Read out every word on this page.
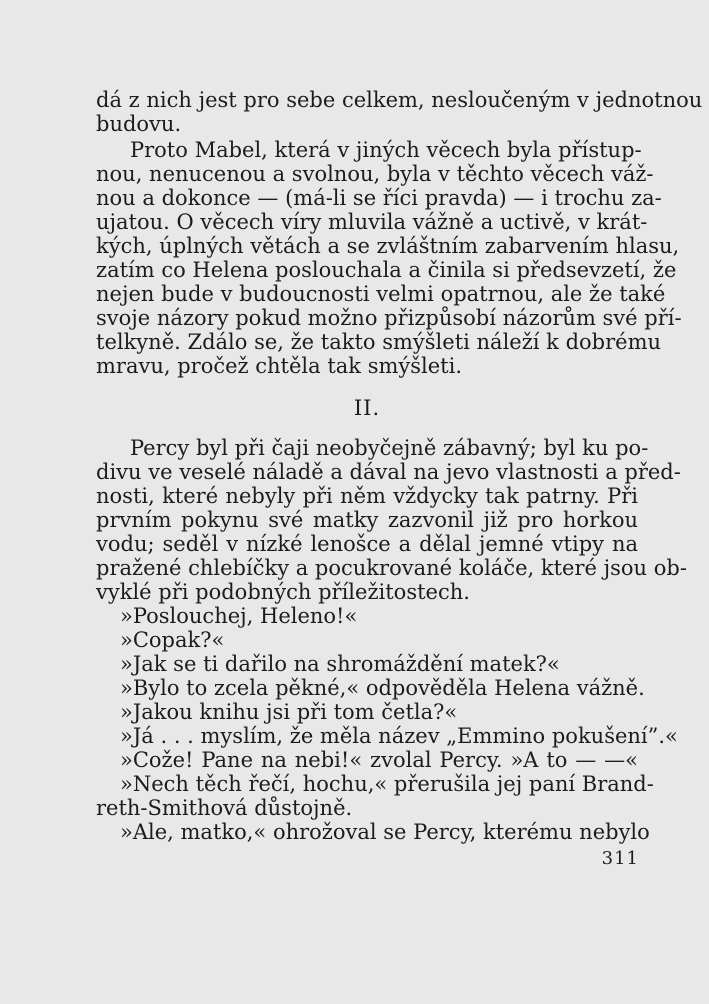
dá z nich jest pro sebe celkem, nesloučeným v jednotnou
budovu.
Proto Mabel, která v jiných věcech byla přístup-
nou, nenucenou a svolnou, byla v těchto věcech váž-
nou a dokonce — (má-li se říci pravda) — i trochu za-
ujatou. O věcech víry mluvila vážně a uctivě, v krát-
kých, úplných větách a se zvláštním zabarvením hlasu,
zatím co Helena poslouchala a činila si předsevzetí, že
nejen bude v budoucnosti velmi opatrnou, ale že také
svoje názory pokud možno přizpůsobí názorům své pří-
telkyně. Zdálo se, že takto smýšleti náleží k dobrému
mravu, pročež chtěla tak smýšleti.
II.
Percy byl při čaji neobyčejně zábavný; byl ku po-
divu ve veselé náladě a dával na jevo vlastnosti a před-
nosti, které nebyly při něm vždycky tak patrny. Při
prvním pokynu své matky zazvonil již pro horkou
vodu; seděl v nízké lenošce a dělal jemné vtipy na
pražené chlebíčky a pocukrované koláče, které jsou ob-
vyklé při podobných příležitostech.
»Poslouchej, Heleno!«
»Copak?«
»Jak se ti dařilo na shromáždění matek?«
»Bylo to zcela pěkné,« odpověděla Helena vážně.
»Jakou knihu jsi při tom četla?«
»Já . . . myslím, že měla název „Emmino pokušení”.«
»Cože! Pane na nebi!« zvolal Percy. »A to — —«
»Nech těch řečí, hochu,« přerušila jej paní Brand-
reth-Smithová důstojně.
»Ale, matko,« ohrožoval se Percy, kterému nebylo
311
